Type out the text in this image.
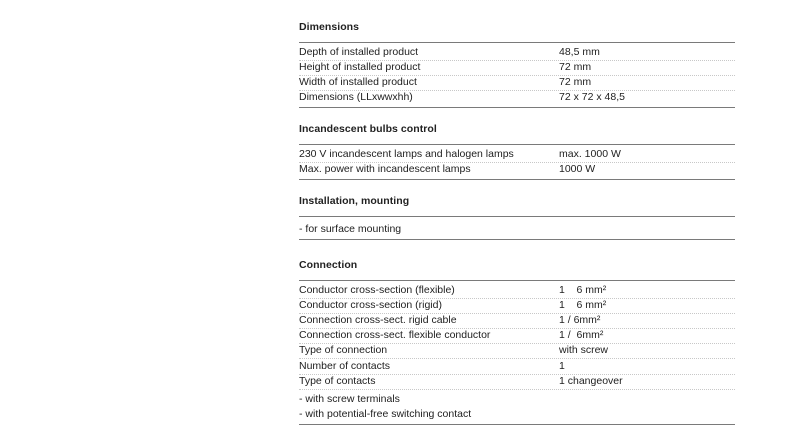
Dimensions
Depth of installed product	48,5 mm
Height of installed product	72 mm
Width of installed product	72 mm
Dimensions (LLxwwxhh)	72 x 72 x 48,5
Incandescent bulbs control
230 V incandescent lamps and halogen lamps	max. 1000 W
Max. power with incandescent lamps	1000 W
Installation, mounting
- for surface mounting
Connection
Conductor cross-section (flexible)	1    6 mm²
Conductor cross-section (rigid)	1    6 mm²
Connection cross-sect. rigid cable	1 / 6mm²
Connection cross-sect. flexible conductor	1 /  6mm²
Type of connection	with screw
Number of contacts	1
Type of contacts	1 changeover
- with screw terminals
- with potential-free switching contact
